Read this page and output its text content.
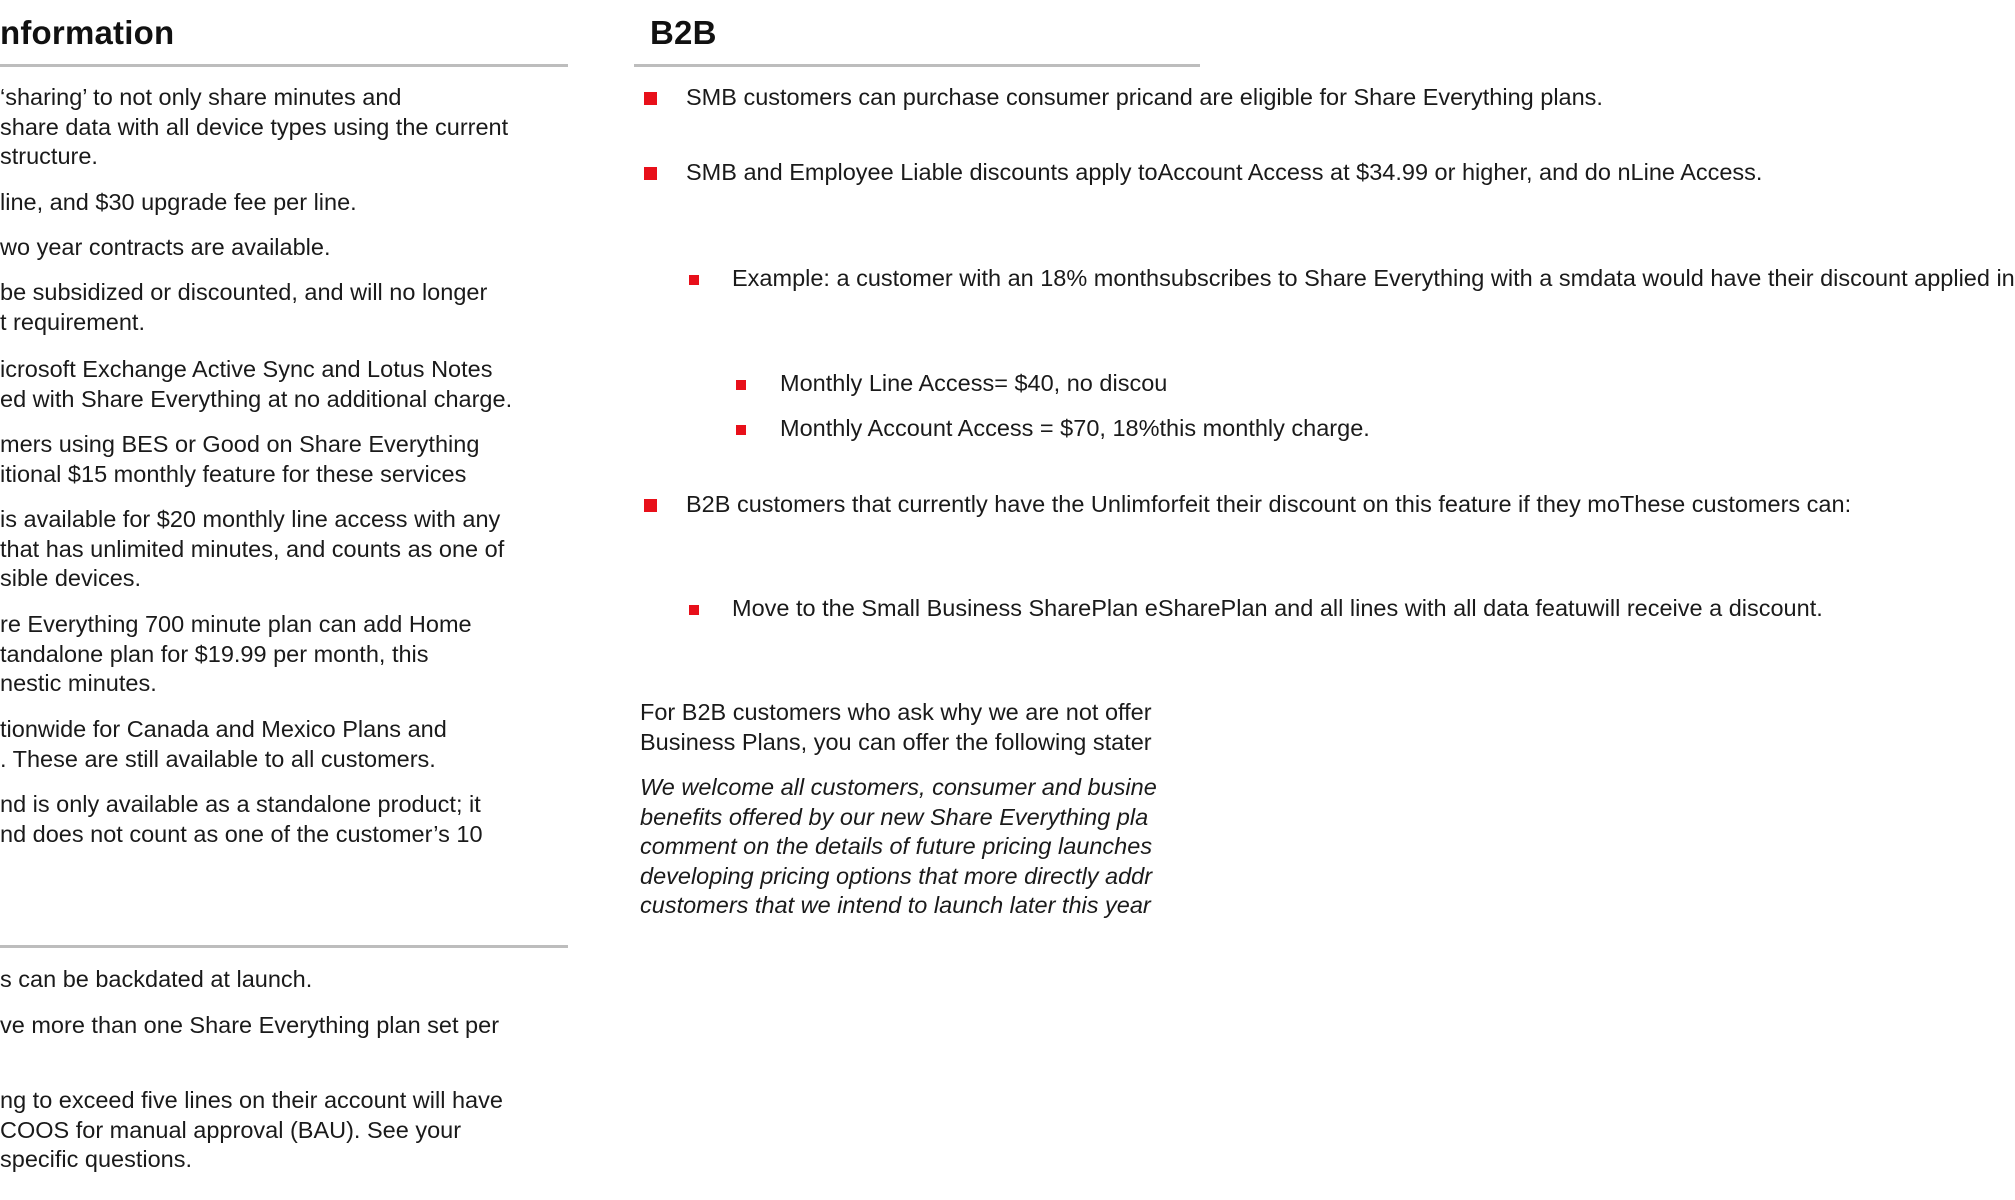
nformation
‘sharing’ to not only share minutes and
share data with all device types using the current
structure.
line, and $30 upgrade fee per line.
wo year contracts are available.
be subsidized or discounted, and will no longer
t requirement.
icrosoft Exchange Active Sync and Lotus Notes
ed with Share Everything at no additional charge.
mers using BES or Good on Share Everything
itional $15 monthly feature for these services
is available for $20 monthly line access with any
that has unlimited minutes, and counts as one of
sible devices.
re Everything 700 minute plan can add Home
tandalone plan for $19.99 per month, this
nestic minutes.
tionwide for Canada and Mexico Plans and
. These are still available to all customers.
nd is only available as a standalone product; it
nd does not count as one of the customer’s 10
s can be backdated at launch.
ve more than one Share Everything plan set per
ng to exceed five lines on their account will have
COOS for manual approval (BAU). See your
specific questions.
B2B
SMB customers can purchase consumer pricand are eligible for Share Everything plans.
SMB and Employee Liable discounts apply toAccount Access at $34.99 or higher, and do nLine Access.
Example: a customer with an 18% monthsubscribes to Share Everything with a smdata would have their discount applied in
Monthly Line Access= $40, no discou
Monthly Account Access = $70, 18%this monthly charge.
B2B customers that currently have the Unlimforfeit their discount on this feature if they moThese customers can:
Move to the Small Business SharePlan eSharePlan and all lines with all data featuwill receive a discount.
For B2B customers who ask why we are not offer
Business Plans, you can offer the following stater
We welcome all customers, consumer and busine
benefits offered by our new Share Everything pla
comment on the details of future pricing launches
developing pricing options that more directly addr
customers that we intend to launch later this year
